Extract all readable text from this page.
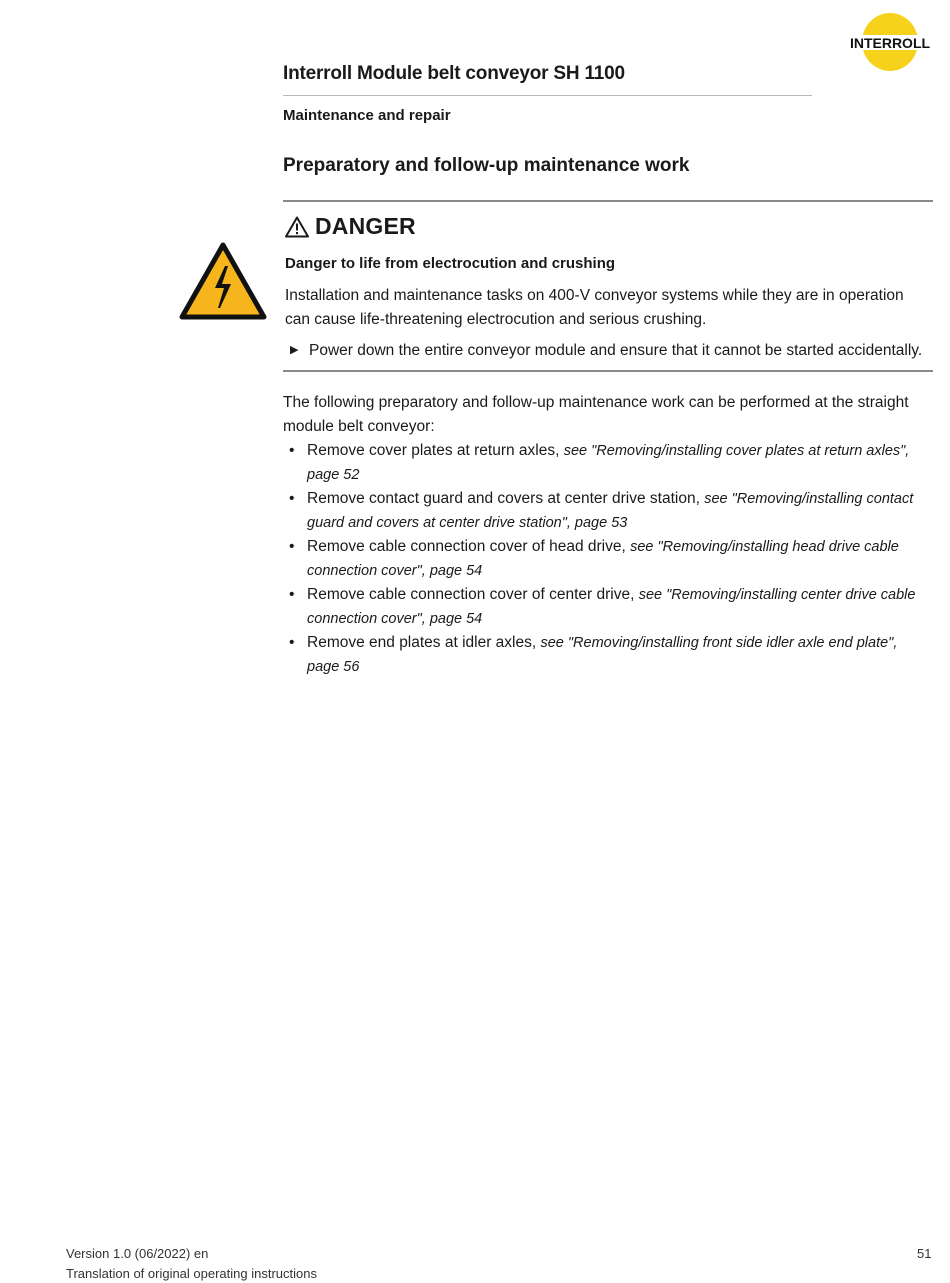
INTERROLL
Interroll Module belt conveyor SH 1100
Maintenance and repair
Preparatory and follow-up maintenance work
DANGER
Danger to life from electrocution and crushing
Installation and maintenance tasks on 400-V conveyor systems while they are in operation can cause life-threatening electrocution and serious crushing.
▶ Power down the entire conveyor module and ensure that it cannot be started accidentally.
The following preparatory and follow-up maintenance work can be performed at the straight module belt conveyor:
• Remove cover plates at return axles, see "Removing/installing cover plates at return axles", page 52
• Remove contact guard and covers at center drive station, see "Removing/installing contact guard and covers at center drive station", page 53
• Remove cable connection cover of head drive, see "Removing/installing head drive cable connection cover", page 54
• Remove cable connection cover of center drive, see "Removing/installing center drive cable connection cover", page 54
• Remove end plates at idler axles, see "Removing/installing front side idler axle end plate", page 56
Version 1.0 (06/2022) en
Translation of original operating instructions
51
